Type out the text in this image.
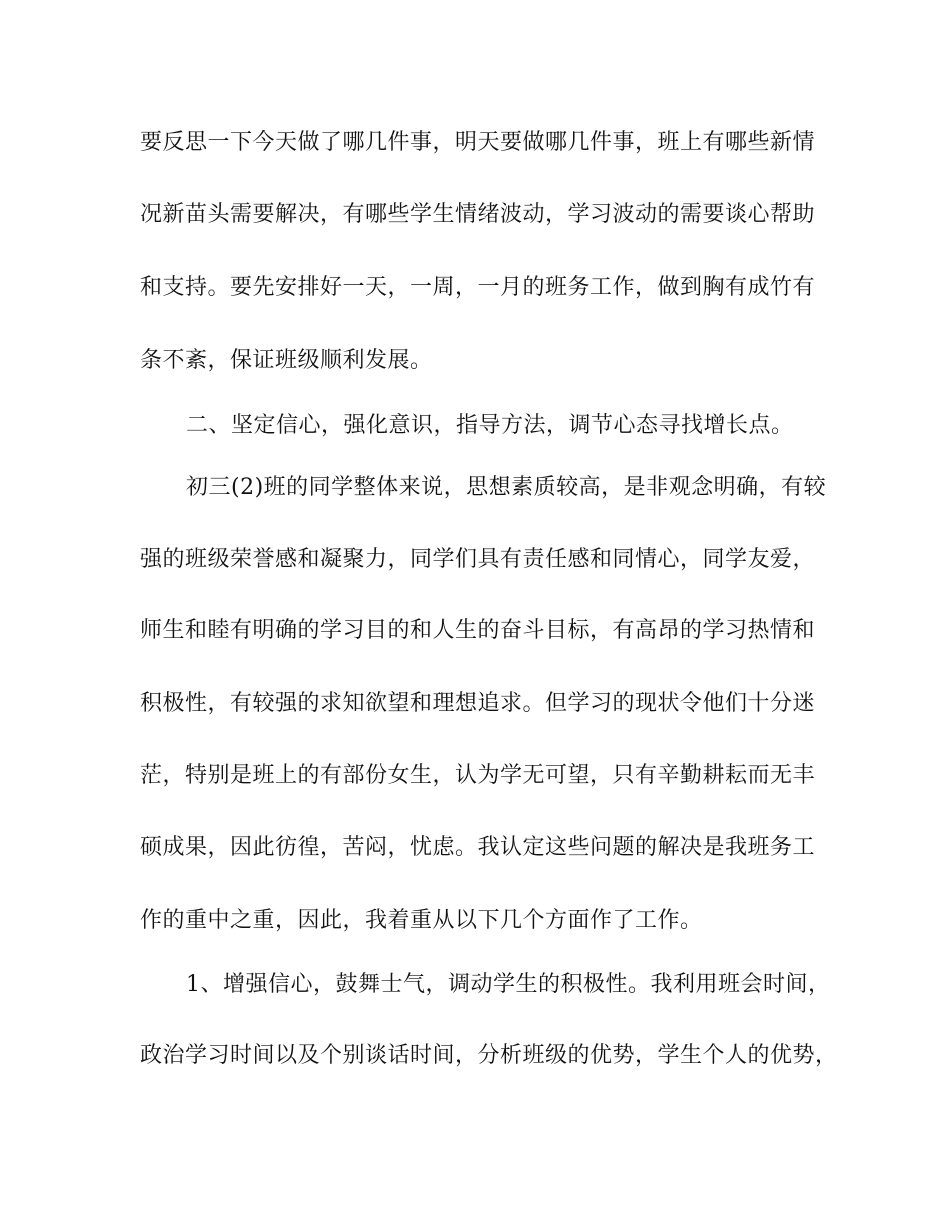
要反思一下今天做了哪几件事，明天要做哪几件事，班上有哪些新情
况新苗头需要解决，有哪些学生情绪波动，学习波动的需要谈心帮助
和支持。要先安排好一天，一周，一月的班务工作，做到胸有成竹有
条不紊，保证班级顺利发展。
二、坚定信心，强化意识，指导方法，调节心态寻找增长点。
初三(2)班的同学整体来说，思想素质较高，是非观念明确，有较
强的班级荣誉感和凝聚力，同学们具有责任感和同情心，同学友爱，
师生和睦有明确的学习目的和人生的奋斗目标，有高昂的学习热情和
积极性，有较强的求知欲望和理想追求。但学习的现状令他们十分迷
茫，特别是班上的有部份女生，认为学无可望，只有辛勤耕耘而无丰
硕成果，因此彷徨，苦闷，忧虑。我认定这些问题的解决是我班务工
作的重中之重，因此，我着重从以下几个方面作了工作。
1、增强信心，鼓舞士气，调动学生的积极性。我利用班会时间，
政治学习时间以及个别谈话时间，分析班级的优势，学生个人的优势，
